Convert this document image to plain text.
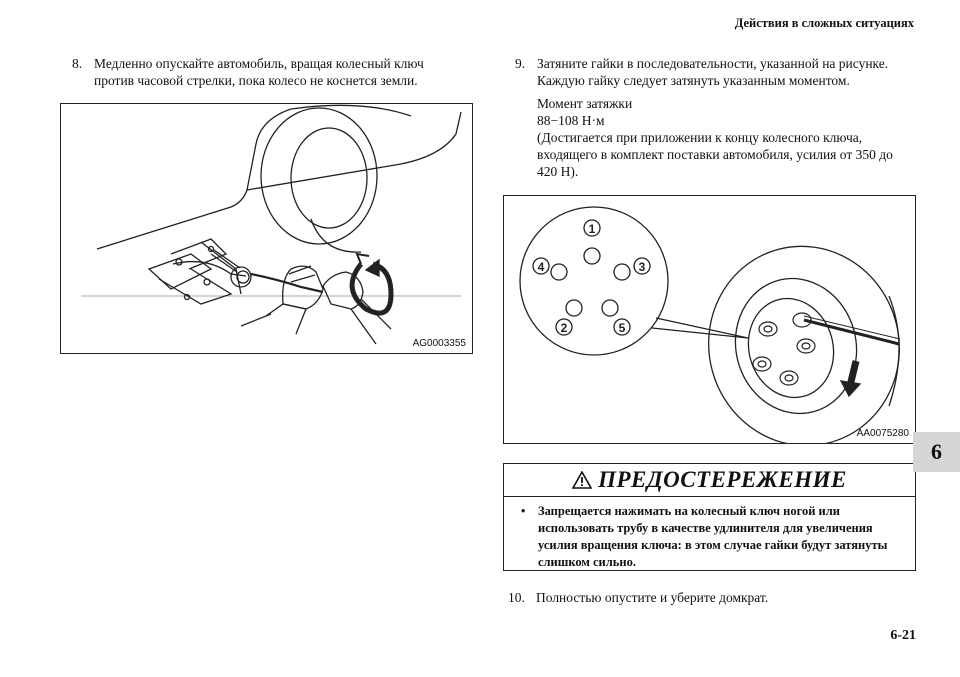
Действия в сложных ситуациях
8. Медленно опускайте автомобиль, вращая колесный ключ против часовой стрелки, пока колесо не коснется земли.
AG0003355
9. Затяните гайки в последовательности, указанной на рисунке. Каждую гайку следует затянуть указанным моментом.
Момент затяжки
88−108 Н·м
(Достигается при приложении к концу колесного ключа, входящего в комплект поставки автомобиля, усилия от 350 до 420 Н).
1
4	3
2	5
AA0075280
ПРЕДОСТЕРЕЖЕНИЕ
• Запрещается нажимать на колесный ключ ногой или использовать трубу в качестве удлинителя для увеличения усилия вращения ключа: в этом случае гайки будут затянуты слишком сильно.
10. Полностью опустите и уберите домкрат.
6
6-21
